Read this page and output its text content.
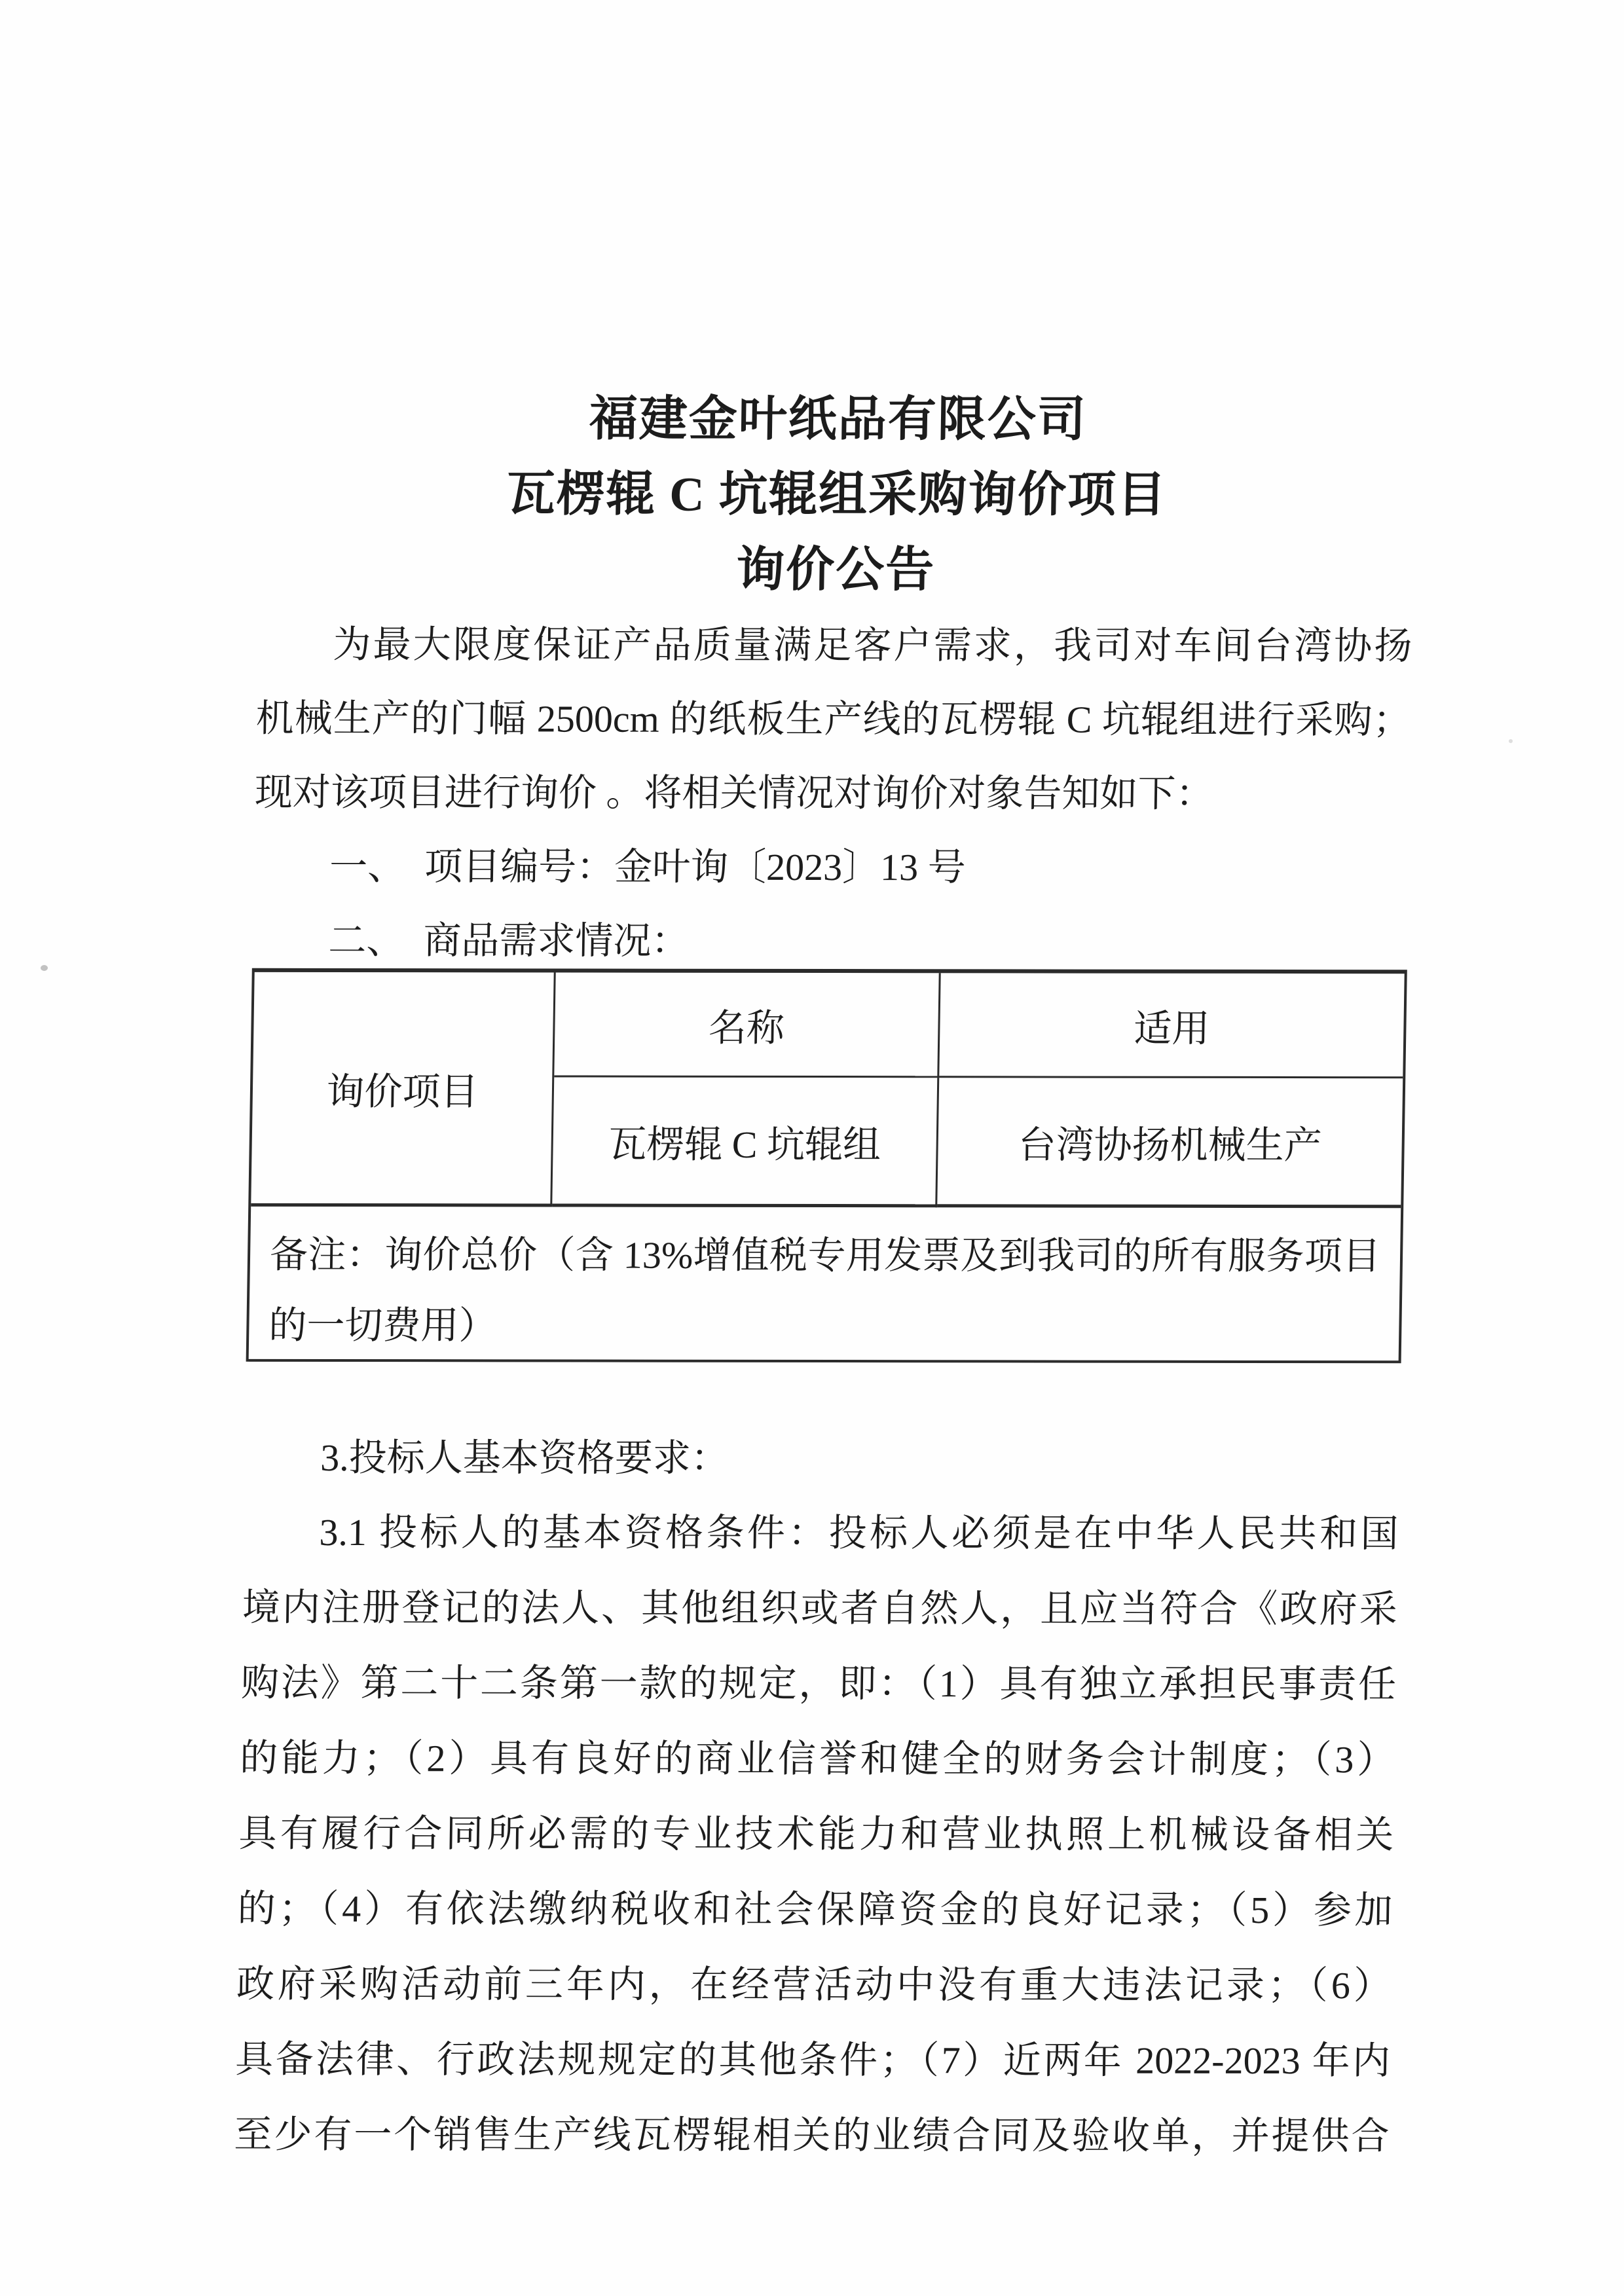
福建金叶纸品有限公司
瓦楞辊 C 坑辊组采购询价项目
询价公告
为最大限度保证产品质量满足客户需求，我司对车间台湾协扬
机械生产的门幅 2500cm 的纸板生产线的瓦楞辊 C 坑辊组进行采购；
现对该项目进行询价 。将相关情况对询价对象告知如下：
一、　项目编号：金叶询〔2023〕13 号
二、　商品需求情况：
询价项目
名称	适用
瓦楞辊 C 坑辊组	台湾协扬机械生产
备注：询价总价（含 13%增值税专用发票及到我司的所有服务项目
的一切费用）
3.投标人基本资格要求：
3.1 投标人的基本资格条件：投标人必须是在中华人民共和国
境内注册登记的法人、其他组织或者自然人，且应当符合《政府采
购法》第二十二条第一款的规定，即：（1）具有独立承担民事责任
的能力；（2）具有良好的商业信誉和健全的财务会计制度；（3）
具有履行合同所必需的专业技术能力和营业执照上机械设备相关
的；（4）有依法缴纳税收和社会保障资金的良好记录；（5）参加
政府采购活动前三年内，在经营活动中没有重大违法记录；（6）
具备法律、行政法规规定的其他条件；（7）近两年 2022-2023 年内
至少有一个销售生产线瓦楞辊相关的业绩合同及验收单，并提供合
